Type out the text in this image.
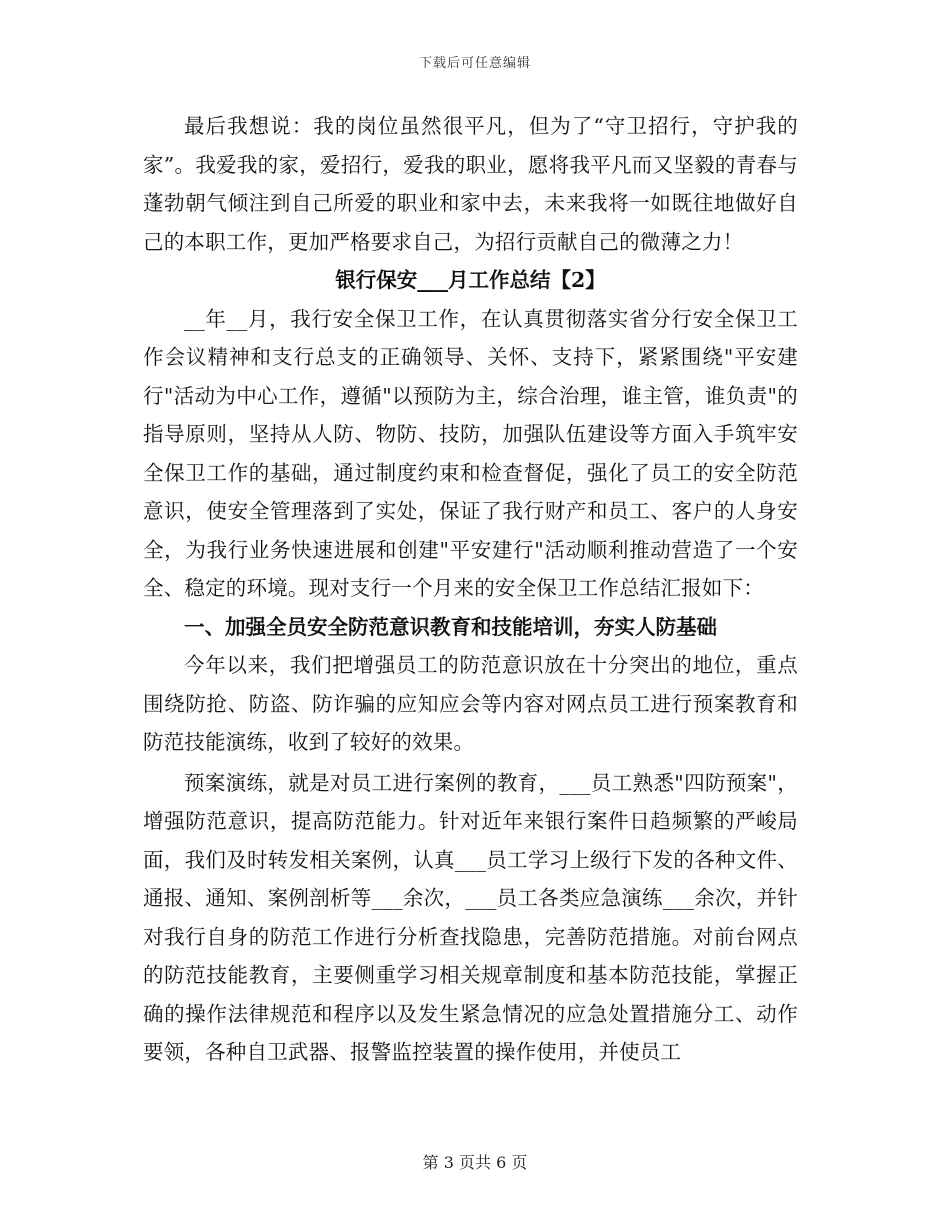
下载后可任意编辑

最后我想说：我的岗位虽然很平凡，但为了“守卫招行，守护我的家”。我爱我的家，爱招行，爱我的职业，愿将我平凡而又坚毅的青春与蓬勃朝气倾注到自己所爱的职业和家中去，未来我将一如既往地做好自己的本职工作，更加严格要求自己，为招行贡献自己的微薄之力！

银行保安___月工作总结【2】

__年__月，我行安全保卫工作，在认真贯彻落实省分行安全保卫工作会议精神和支行总支的正确领导、关怀、支持下，紧紧围绕"平安建行"活动为中心工作，遵循"以预防为主，综合治理，谁主管，谁负责"的指导原则，坚持从人防、物防、技防，加强队伍建设等方面入手筑牢安全保卫工作的基础，通过制度约束和检查督促，强化了员工的安全防范意识，使安全管理落到了实处，保证了我行财产和员工、客户的人身安全，为我行业务快速进展和创建"平安建行"活动顺利推动营造了一个安全、稳定的环境。现对支行一个月来的安全保卫工作总结汇报如下：

一、加强全员安全防范意识教育和技能培训，夯实人防基础

今年以来，我们把增强员工的防范意识放在十分突出的地位，重点围绕防抢、防盗、防诈骗的应知应会等内容对网点员工进行预案教育和防范技能演练，收到了较好的效果。

预案演练，就是对员工进行案例的教育，___员工熟悉"四防预案"，增强防范意识，提高防范能力。针对近年来银行案件日趋频繁的严峻局面，我们及时转发相关案例，认真___员工学习上级行下发的各种文件、通报、通知、案例剖析等___余次，___员工各类应急演练___余次，并针对我行自身的防范工作进行分析查找隐患，完善防范措施。对前台网点的防范技能教育，主要侧重学习相关规章制度和基本防范技能，掌握正确的操作法律规范和程序以及发生紧急情况的应急处置措施分工、动作要领，各种自卫武器、报警监控装置的操作使用，并使员工

第 3 页共 6 页
